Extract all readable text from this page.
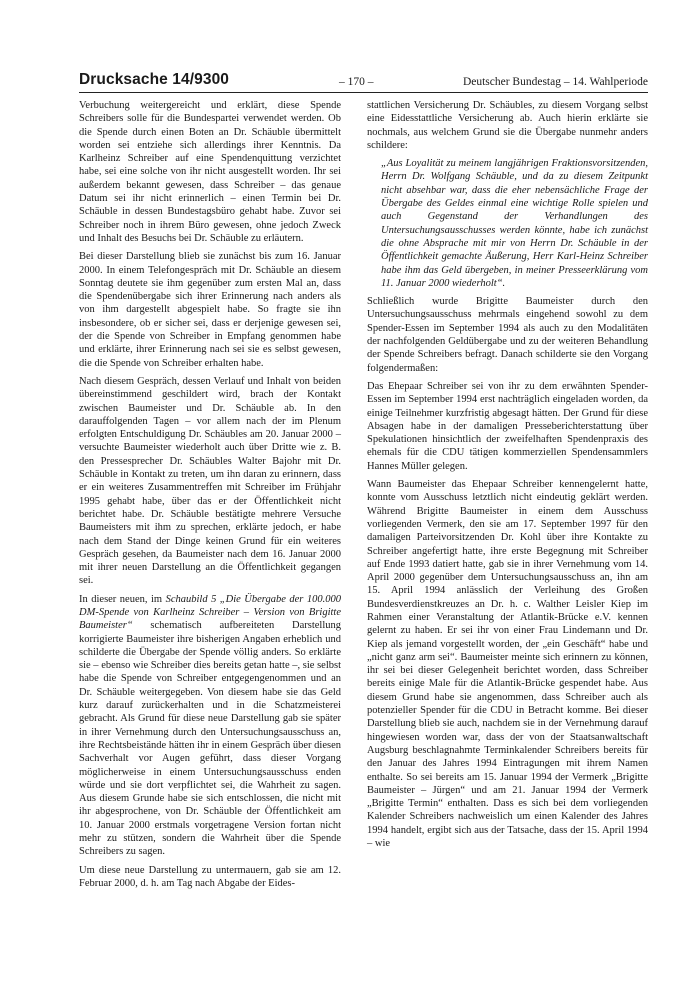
Drucksache 14/9300	– 170 –	Deutscher Bundestag – 14. Wahlperiode

Verbuchung weitergereicht und erklärt, diese Spende Schreibers solle für die Bundespartei verwendet werden. Ob die Spende durch einen Boten an Dr. Schäuble übermittelt worden sei entziehe sich allerdings ihrer Kenntnis. Da Karlheinz Schreiber auf eine Spendenquittung verzichtet habe, sei eine solche von ihr nicht ausgestellt worden. Ihr sei außerdem bekannt gewesen, dass Schreiber – das genaue Datum sei ihr nicht erinnerlich – einen Termin bei Dr. Schäuble in dessen Bundestagsbüro gehabt habe. Zuvor sei Schreiber noch in ihrem Büro gewesen, ohne jedoch Zweck und Inhalt des Besuchs bei Dr. Schäuble zu erläutern.

Bei dieser Darstellung blieb sie zunächst bis zum 16. Januar 2000. In einem Telefongespräch mit Dr. Schäuble an diesem Sonntag deutete sie ihm gegenüber zum ersten Mal an, dass die Spendenübergabe sich ihrer Erinnerung nach anders als von ihm dargestellt abgespielt habe. So fragte sie ihn insbesondere, ob er sicher sei, dass er derjenige gewesen sei, der die Spende von Schreiber in Empfang genommen habe und erklärte, ihrer Erinnerung nach sei sie es selbst gewesen, die die Spende von Schreiber erhalten habe.

Nach diesem Gespräch, dessen Verlauf und Inhalt von beiden übereinstimmend geschildert wird, brach der Kontakt zwischen Baumeister und Dr. Schäuble ab. In den darauffolgenden Tagen – vor allem nach der im Plenum erfolgten Entschuldigung Dr. Schäubles am 20. Januar 2000 – versuchte Baumeister wiederholt auch über Dritte wie z. B. den Pressesprecher Dr. Schäubles Walter Bajohr mit Dr. Schäuble in Kontakt zu treten, um ihn daran zu erinnern, dass er ein weiteres Zusammentreffen mit Schreiber im Frühjahr 1995 gehabt habe, über das er der Öffentlichkeit nicht berichtet habe. Dr. Schäuble bestätigte mehrere Versuche Baumeisters mit ihm zu sprechen, erklärte jedoch, er habe nach dem Stand der Dinge keinen Grund für ein weiteres Gespräch gesehen, da Baumeister nach dem 16. Januar 2000 mit ihrer neuen Darstellung an die Öffentlichkeit gegangen sei.

In dieser neuen, im Schaubild 5 „Die Übergabe der 100.000 DM-Spende von Karlheinz Schreiber – Version von Brigitte Baumeister“ schematisch aufbereiteten Darstellung korrigierte Baumeister ihre bisherigen Angaben erheblich und schilderte die Übergabe der Spende völlig anders. So erklärte sie – ebenso wie Schreiber dies bereits getan hatte –, sie selbst habe die Spende von Schreiber entgegengenommen und an Dr. Schäuble weitergegeben. Von diesem habe sie das Geld kurz darauf zurückerhalten und in die Schatzmeisterei gebracht. Als Grund für diese neue Darstellung gab sie später in ihrer Vernehmung durch den Untersuchungsausschuss an, ihre Rechtsbeistände hätten ihr in einem Gespräch über diesen Sachverhalt vor Augen geführt, dass dieser Vorgang möglicherweise in einem Untersuchungsausschuss enden würde und sie dort verpflichtet sei, die Wahrheit zu sagen. Aus diesem Grunde habe sie sich entschlossen, die nicht mit ihr abgesprochene, von Dr. Schäuble der Öffentlichkeit am 10. Januar 2000 erstmals vorgetragene Version fortan nicht mehr zu stützen, sondern die Wahrheit über die Spende Schreibers zu sagen.

Um diese neue Darstellung zu untermauern, gab sie am 12. Februar 2000, d. h. am Tag nach Abgabe der Eides-

stattlichen Versicherung Dr. Schäubles, zu diesem Vorgang selbst eine Eidesstattliche Versicherung ab. Auch hierin erklärte sie nochmals, aus welchem Grund sie die Übergabe nunmehr anders schildere:

„Aus Loyalität zu meinem langjährigen Fraktionsvorsitzenden, Herrn Dr. Wolfgang Schäuble, und da zu diesem Zeitpunkt nicht absehbar war, dass die eher nebensächliche Frage der Übergabe des Geldes einmal eine wichtige Rolle spielen und auch Gegenstand der Verhandlungen des Untersuchungsausschusses werden könnte, habe ich zunächst die ohne Absprache mit mir von Herrn Dr. Schäuble in der Öffentlichkeit gemachte Äußerung, Herr Karl-Heinz Schreiber habe ihm das Geld übergeben, in meiner Presseerklärung vom 11. Januar 2000 wiederholt“.

Schließlich wurde Brigitte Baumeister durch den Untersuchungsausschuss mehrmals eingehend sowohl zu dem Spender-Essen im September 1994 als auch zu den Modalitäten der nachfolgenden Geldübergabe und zu der weiteren Behandlung der Spende Schreibers befragt. Danach schilderte sie den Vorgang folgendermaßen:

Das Ehepaar Schreiber sei von ihr zu dem erwähnten Spender-Essen im September 1994 erst nachträglich eingeladen worden, da einige Teilnehmer kurzfristig abgesagt hätten. Der Grund für diese Absagen habe in der damaligen Presseberichterstattung über Spekulationen hinsichtlich der zweifelhaften Spendenpraxis des ehemals für die CDU tätigen kommerziellen Spendensammlers Hannes Müller gelegen.

Wann Baumeister das Ehepaar Schreiber kennengelernt hatte, konnte vom Ausschuss letztlich nicht eindeutig geklärt werden. Während Brigitte Baumeister in einem dem Ausschuss vorliegenden Vermerk, den sie am 17. September 1997 für den damaligen Parteivorsitzenden Dr. Kohl über ihre Kontakte zu Schreiber angefertigt hatte, ihre erste Begegnung mit Schreiber auf Ende 1993 datiert hatte, gab sie in ihrer Vernehmung vom 14. April 2000 gegenüber dem Untersuchungsausschuss an, ihn am 15. April 1994 anlässlich der Verleihung des Großen Bundesverdienstkreuzes an Dr. h. c. Walther Leisler Kiep im Rahmen einer Veranstaltung der Atlantik-Brücke e.V. kennen gelernt zu haben. Er sei ihr von einer Frau Lindemann und Dr. Kiep als jemand vorgestellt worden, der „ein Geschäft“ habe und „nicht ganz arm sei“. Baumeister meinte sich erinnern zu können, ihr sei bei dieser Gelegenheit berichtet worden, dass Schreiber bereits einige Male für die Atlantik-Brücke gespendet habe. Aus diesem Grund habe sie angenommen, dass Schreiber auch als potenzieller Spender für die CDU in Betracht komme. Bei dieser Darstellung blieb sie auch, nachdem sie in der Vernehmung darauf hingewiesen worden war, dass der von der Staatsanwaltschaft Augsburg beschlagnahmte Terminkalender Schreibers bereits für den Januar des Jahres 1994 Eintragungen mit ihrem Namen enthalte. So sei bereits am 15. Januar 1994 der Vermerk „Brigitte Baumeister – Jürgen“ und am 21. Januar 1994 der Vermerk „Brigitte Termin“ enthalten. Dass es sich bei dem vorliegenden Kalender Schreibers nachweislich um einen Kalender des Jahres 1994 handelt, ergibt sich aus der Tatsache, dass der 15. April 1994 – wie
